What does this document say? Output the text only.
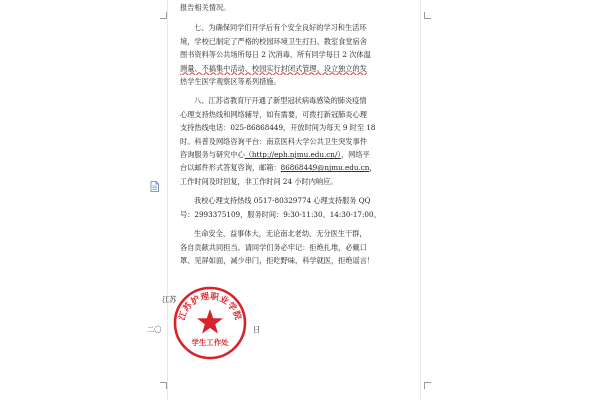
报告相关情况。
七、为确保同学们开学后有个安全良好的学习和生活环
境，学校已制定了严格的校园环境卫生打扫、教室食堂宿舍
图书资料等公共场所每日 2 次消毒、所有同学每日 2 次体温
测量、不搞集中活动、校园实行封闭式管理、设立独立的发
热学生医学观察区等系列措施。
八、江苏省教育厅开通了新型冠状病毒感染的肺炎疫情
心理支持热线和网络辅导，如有需要，可拨打新冠肺炎心理
支持热线电话：025-86868449，开放时间为每天 9 时至 18
时。科普及网络咨询平台：南京医科大学公共卫生突发事件
咨询服务与研究中心（http://eph.njmu.edu.cn/），网络平
台以邮件形式答复咨询，邮箱：86868449@njmu.edu.cn，
工作时间及时回复，非工作时间 24 小时内响应。
我校心理支持热线 0517-80329774 心理支持服务 QQ
号：2993375109，服务时间：9:30-11:30、14:30-17:00。
生命安全、益事体大，无论南北老幼、无分医生干群，
各自贡献共同担当。请同学们务必牢记：拒绝扎堆，必戴口
罩、见屏如面，减少串门，拒吃野味，科学就医，拒绝谣言！
江苏
二〇	日
江苏护理职业学院
学生工作处
